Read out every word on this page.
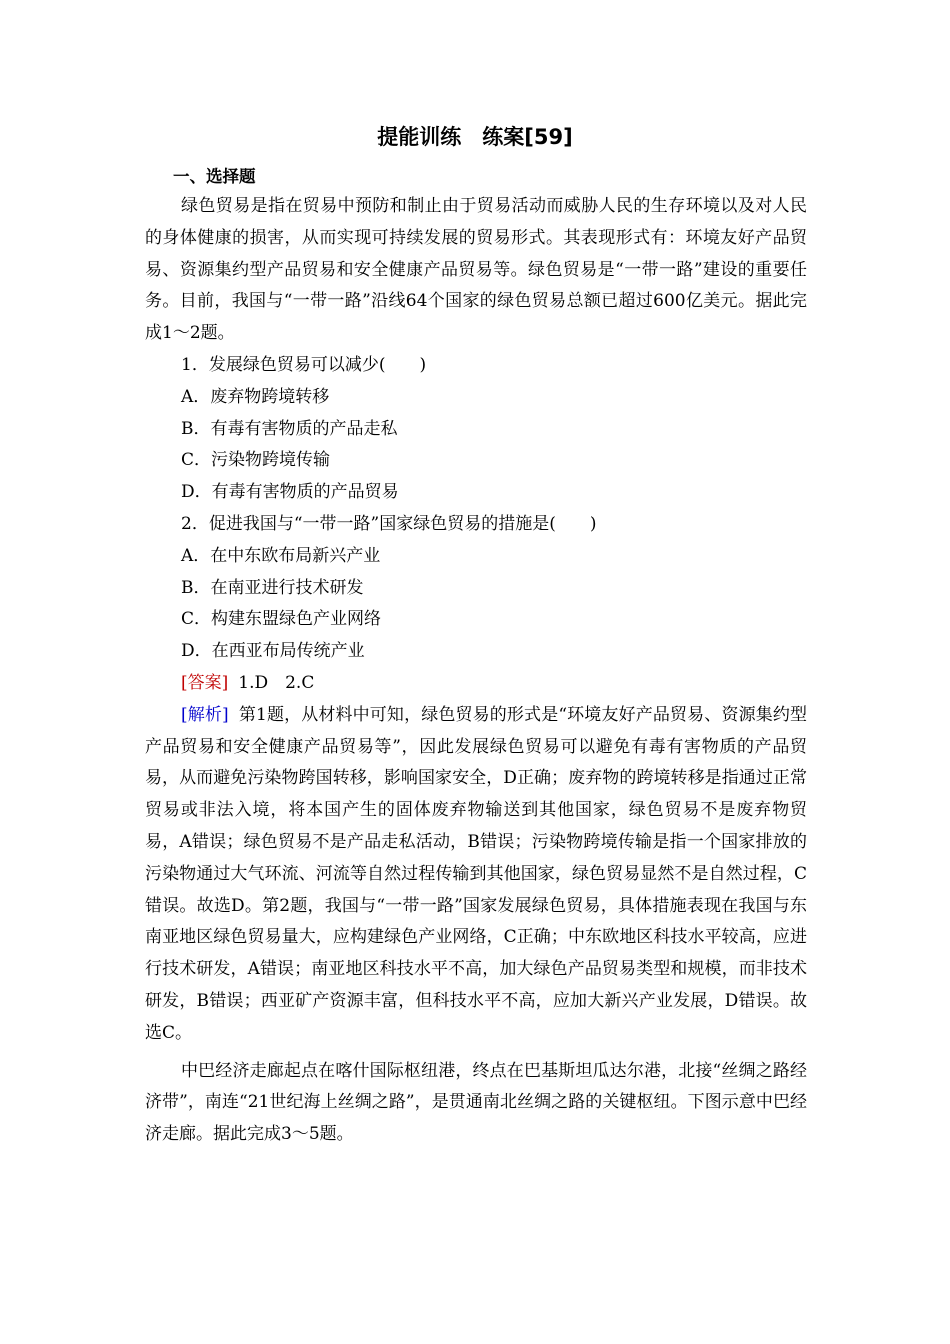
提能训练　练案[59]

一、选择题

绿色贸易是指在贸易中预防和制止由于贸易活动而威胁人民的生存环境以及对人民的身体健康的损害，从而实现可持续发展的贸易形式。其表现形式有：环境友好产品贸易、资源集约型产品贸易和安全健康产品贸易等。绿色贸易是“一带一路”建设的重要任务。目前，我国与“一带一路”沿线64个国家的绿色贸易总额已超过600亿美元。据此完成1～2题。

1．发展绿色贸易可以减少(　　)

A．废弃物跨境转移

B．有毒有害物质的产品走私

C．污染物跨境传输

D．有毒有害物质的产品贸易

2．促进我国与“一带一路”国家绿色贸易的措施是(　　)

A．在中东欧布局新兴产业

B．在南亚进行技术研发

C．构建东盟绿色产业网络

D．在西亚布局传统产业

[答案] 1.D　2.C

[解析] 第1题，从材料中可知，绿色贸易的形式是“环境友好产品贸易、资源集约型产品贸易和安全健康产品贸易等”，因此发展绿色贸易可以避免有毒有害物质的产品贸易，从而避免污染物跨国转移，影响国家安全，D正确；废弃物的跨境转移是指通过正常贸易或非法入境，将本国产生的固体废弃物输送到其他国家，绿色贸易不是废弃物贸易，A错误；绿色贸易不是产品走私活动，B错误；污染物跨境传输是指一个国家排放的污染物通过大气环流、河流等自然过程传输到其他国家，绿色贸易显然不是自然过程，C错误。故选D。第2题，我国与“一带一路”国家发展绿色贸易，具体措施表现在我国与东南亚地区绿色贸易量大，应构建绿色产业网络，C正确；中东欧地区科技水平较高，应进行技术研发，A错误；南亚地区科技水平不高，加大绿色产品贸易类型和规模，而非技术研发，B错误；西亚矿产资源丰富，但科技水平不高，应加大新兴产业发展，D错误。故选C。

中巴经济走廊起点在喀什国际枢纽港，终点在巴基斯坦瓜达尔港，北接“丝绸之路经济带”，南连“21世纪海上丝绸之路”，是贯通南北丝绸之路的关键枢纽。下图示意中巴经济走廊。据此完成3～5题。
